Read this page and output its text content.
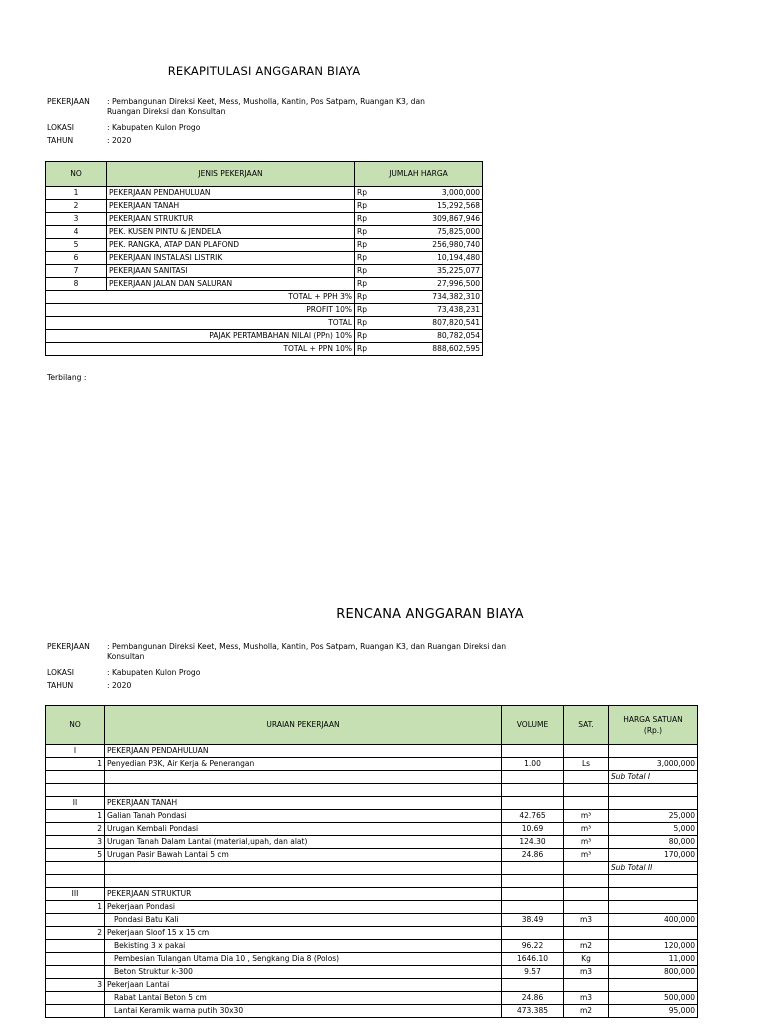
REKAPITULASI ANGGARAN BIAYA
PEKERJAAN : Pembangunan Direksi Keet, Mess, Musholla, Kantin, Pos Satpam, Ruangan K3, dan
Ruangan Direksi dan Konsultan
LOKASI	: Kabupaten Kulon Progo
TAHUN	: 2020
NO	JENIS PEKERJAAN	JUMLAH HARGA	
1	PEKERJAAN PENDAHULUAN	Rp	3,000,000
2	PEKERJAAN TANAH	Rp	15,292,568
3	PEKERJAAN STRUKTUR	Rp	309,867,946
4	PEK. KUSEN PINTU & JENDELA	Rp	75,825,000
5	PEK. RANGKA, ATAP DAN PLAFOND	Rp	256,980,740
6	PEKERJAAN INSTALASI LISTRIK	Rp	10,194,480
7	PEKERJAAN SANITASI	Rp	35,225,077
8	PEKERJAAN JALAN DAN SALURAN	Rp	27,996,500
TOTAL + PPH 3%		Rp	734,382,310
PROFIT 10%		Rp	73,438,231
TOTAL		Rp	807,820,541
PAJAK PERTAMBAHAN NILAI (PPn) 10%		Rp	80,782,054
TOTAL + PPN 10%		Rp	888,602,595
Terbilang :
RENCANA ANGGARAN BIAYA
PEKERJAAN : Pembangunan Direksi Keet, Mess, Musholla, Kantin, Pos Satpam, Ruangan K3, dan Ruangan Direksi dan
Konsultan
LOKASI	: Kabupaten Kulon Progo
TAHUN	: 2020
NO	URAIAN PEKERJAAN	VOLUME	SAT.	HARGA SATUAN
(Rp.)

I	PEKERJAAN PENDAHULUAN			
1	Penyedian P3K, Air Kerja & Penerangan	1.00	Ls	3,000,000
				Sub Total I

II	PEKERJAAN TANAH			
1	Galian Tanah Pondasi	42.765	m³	25,000
2	Urugan Kembali Pondasi	10.69	m³	5,000
3	Urugan Tanah Dalam Lantai (material,upah, dan alat)	124.30	m³	80,000
5	Urugan Pasir Bawah Lantai 5 cm	24.86	m³	170,000
				Sub Total II

III	PEKERJAAN STRUKTUR			
1	Pekerjaan Pondasi			
	Pondasi Batu Kali	38.49	m3	400,000
2	Pekerjaan Sloof 15 x 15 cm			
	Bekisting 3 x pakai	96.22	m2	120,000
	Pembesian Tulangan Utama Dia 10 , Sengkang Dia 8 (Polos)	1646.10	Kg	11,000
	Beton Struktur k-300	9.57	m3	800,000
3	Pekerjaan Lantai			
	Rabat Lantai Beton 5 cm	24.86	m3	500,000
	Lantai Keramik warna putih 30x30	473.385	m2	95,000
